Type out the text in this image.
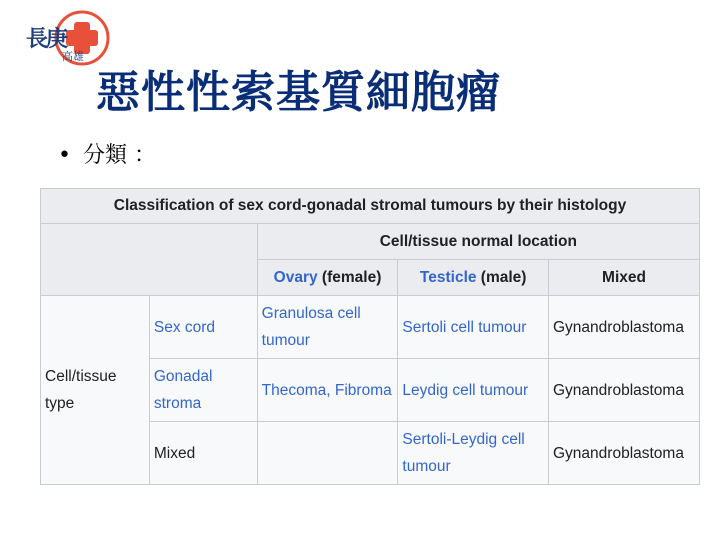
長庚
高雄
惡性性索基質細胞瘤
• 分類 ：
Classification of sex cord-gonadal stromal tumours by their histology				
		Cell/tissue normal location		
		Ovary (female)	Testicle (male)	Mixed
Cell/tissue type	Sex cord	Granulosa cell tumour	Sertoli cell tumour	Gynandroblastoma
	Gonadal stroma	Thecoma, Fibroma	Leydig cell tumour	Gynandroblastoma
	Mixed		Sertoli-Leydig cell tumour	Gynandroblastoma
